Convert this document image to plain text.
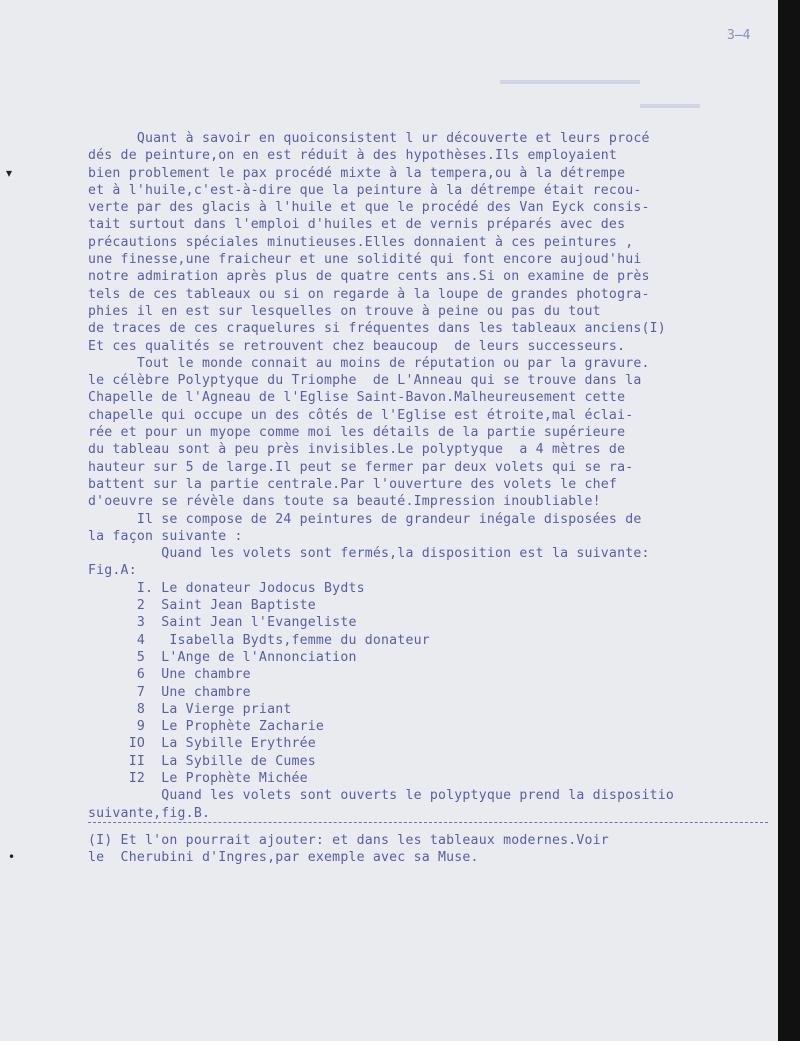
3̶4
Quant à savoir en quoiconsistent l ur découverte et leurs procé
dés de peinture,on en est réduit à des hypothèses.Ils employaient
bien problement le pax procédé mixte à la tempera,ou à la détrempe
et à l'huile,c'est-à-dire que la peinture à la détrempe était recou-
verte par des glacis à l'huile et que le procédé des Van Eyck consis-
tait surtout dans l'emploi d'huiles et de vernis préparés avec des
précautions spéciales minutieuses.Elles donnaient à ces peintures ,
une finesse,une fraicheur et une solidité qui font encore aujoud'hui
notre admiration après plus de quatre cents ans.Si on examine de près
tels de ces tableaux ou si on regarde à la loupe de grandes photogra-
phies il en est sur lesquelles on trouve à peine ou pas du tout
de traces de ces craquelures si fréquentes dans les tableaux anciens(I)
Et ces qualités se retrouvent chez beaucoup  de leurs successeurs.
Tout le monde connait au moins de réputation ou par la gravure.
le célèbre Polyptyque du Triomphe  de L'Anneau qui se trouve dans la
Chapelle de l'Agneau de l'Eglise Saint-Bavon.Malheureusement cette
chapelle qui occupe un des côtés de l'Eglise est étroite,mal éclai-
rée et pour un myope comme moi les détails de la partie supérieure
du tableau sont à peu près invisibles.Le polyptyque  a 4 mètres de
hauteur sur 5 de large.Il peut se fermer par deux volets qui se ra-
battent sur la partie centrale.Par l'ouverture des volets le chef
d'oeuvre se révèle dans toute sa beauté.Impression inoubliable!
Il se compose de 24 peintures de grandeur inégale disposées de
la façon suivante :
Quand les volets sont fermés,la disposition est la suivante:
Fig.A:
I. Le donateur Jodocus Bydts
2  Saint Jean Baptiste
3  Saint Jean l'Evangeliste
4   Isabella Bydts,femme du donateur
5  L'Ange de l'Annonciation
6  Une chambre
7  Une chambre
8  La Vierge priant
9  Le Prophète Zacharie
IO  La Sybille Erythrée
II  La Sybille de Cumes
I2  Le Prophète Michée
Quand les volets sont ouverts le polyptyque prend la dispositio
suivante,fig.B.
(I) Et l'on pourrait ajouter: et dans les tableaux modernes.Voir
le  Cherubini d'Ingres,par exemple avec sa Muse.
▾
•
